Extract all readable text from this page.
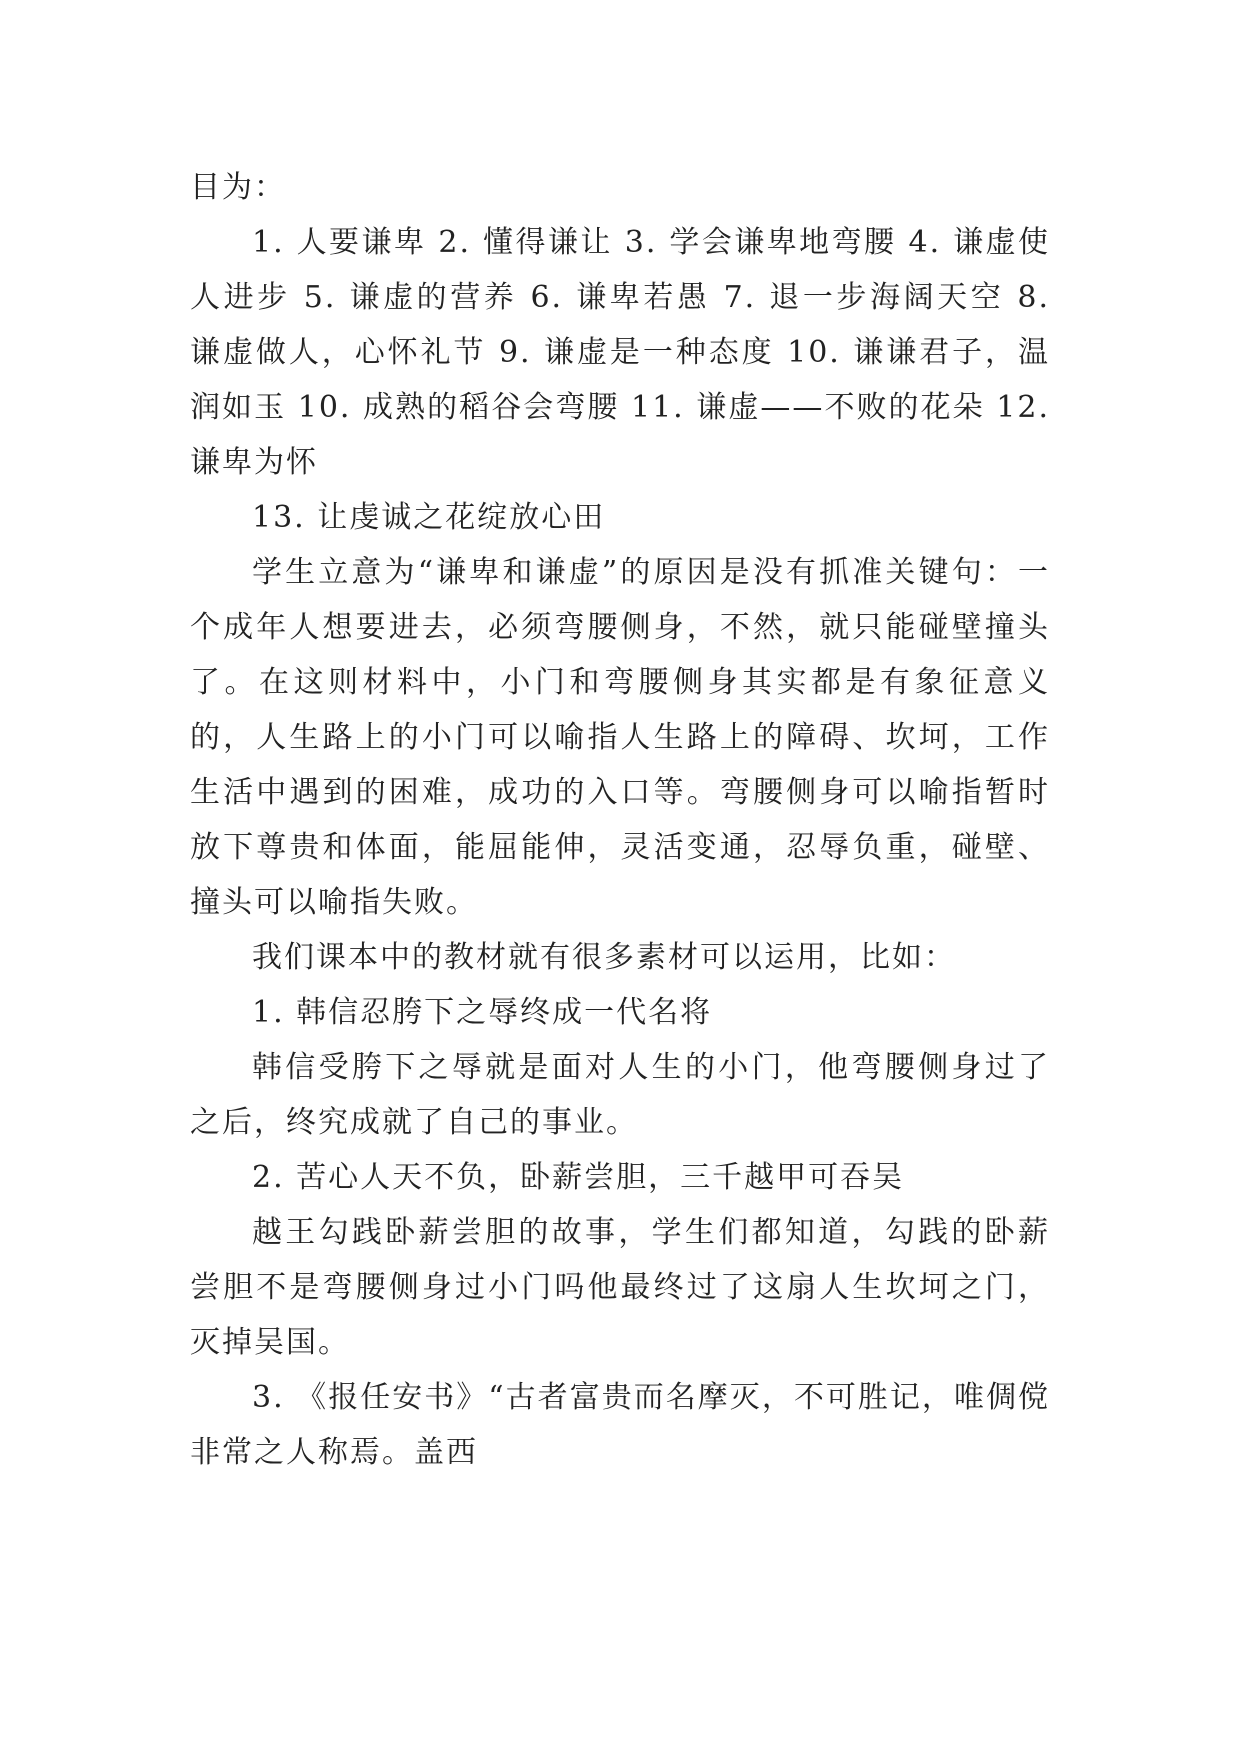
目为：

1. 人要谦卑 2. 懂得谦让 3. 学会谦卑地弯腰 4. 谦虚使人进步 5. 谦虚的营养 6. 谦卑若愚 7. 退一步海阔天空 8. 谦虚做人，心怀礼节 9. 谦虚是一种态度 10. 谦谦君子，温润如玉 10. 成熟的稻谷会弯腰 11. 谦虚——不败的花朵 12. 谦卑为怀

13. 让虔诚之花绽放心田

学生立意为“谦卑和谦虚”的原因是没有抓准关键句：一个成年人想要进去，必须弯腰侧身，不然，就只能碰壁撞头了。在这则材料中，小门和弯腰侧身其实都是有象征意义的，人生路上的小门可以喻指人生路上的障碍、坎坷，工作生活中遇到的困难，成功的入口等。弯腰侧身可以喻指暂时放下尊贵和体面，能屈能伸，灵活变通，忍辱负重，碰壁、撞头可以喻指失败。

我们课本中的教材就有很多素材可以运用，比如：

1. 韩信忍胯下之辱终成一代名将

韩信受胯下之辱就是面对人生的小门，他弯腰侧身过了之后，终究成就了自己的事业。

2. 苦心人天不负，卧薪尝胆，三千越甲可吞吴

越王勾践卧薪尝胆的故事，学生们都知道，勾践的卧薪尝胆不是弯腰侧身过小门吗他最终过了这扇人生坎坷之门，灭掉吴国。

3. 《报任安书》“古者富贵而名摩灭，不可胜记，唯倜傥非常之人称焉。盖西
